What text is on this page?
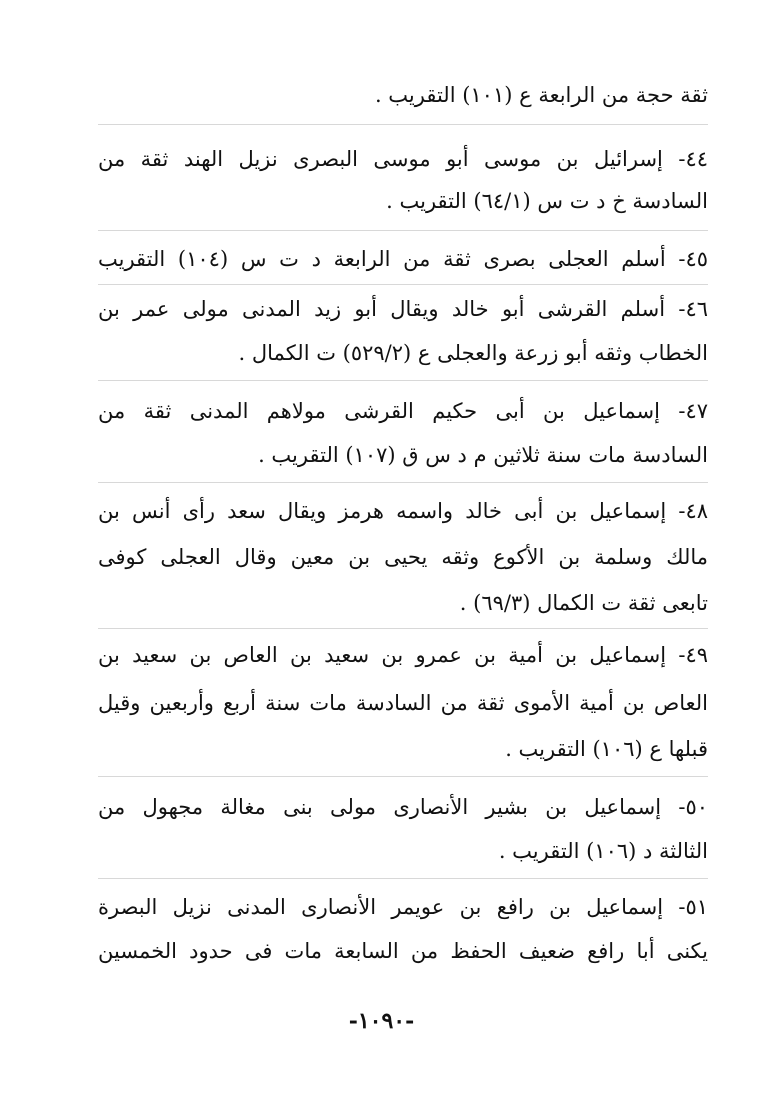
ثقة حجة من الرابعة ع (١٠١) التقريب .
٤٤- إسرائيل بن موسى أبو موسى البصرى نزيل الهند ثقة من
السادسة خ د ت س (٦٤/١) التقريب .
٤٥- أسلم العجلى بصرى ثقة من الرابعة د ت س (١٠٤) التقريب
٤٦- أسلم القرشى أبو خالد ويقال أبو زيد المدنى مولى عمر بن
الخطاب وثقه أبو زرعة والعجلى ع (٥٢٩/٢) ت الكمال .
٤٧- إسماعيل بن أبى حكيم القرشى مولاهم المدنى ثقة من
السادسة مات سنة ثلاثين م د س ق (١٠٧) التقريب .
٤٨- إسماعيل بن أبى خالد واسمه هرمز ويقال سعد رأى أنس بن
مالك وسلمة بن الأكوع وثقه يحيى بن معين وقال العجلى كوفى
تابعى ثقة ت الكمال (٦٩/٣) .
٤٩- إسماعيل بن أمية بن عمرو بن سعيد بن العاص بن سعيد بن
العاص بن أمية الأموى ثقة من السادسة مات سنة أربع وأربعين وقيل
قبلها ع (١٠٦) التقريب .
٥٠- إسماعيل بن بشير الأنصارى مولى بنى مغالة مجهول من
الثالثة د (١٠٦) التقريب .
٥١- إسماعيل بن رافع بن عويمر الأنصارى المدنى نزيل البصرة
يكنى أبا رافع ضعيف الحفظ من السابعة مات فى حدود الخمسين
-١٠٩٠-
